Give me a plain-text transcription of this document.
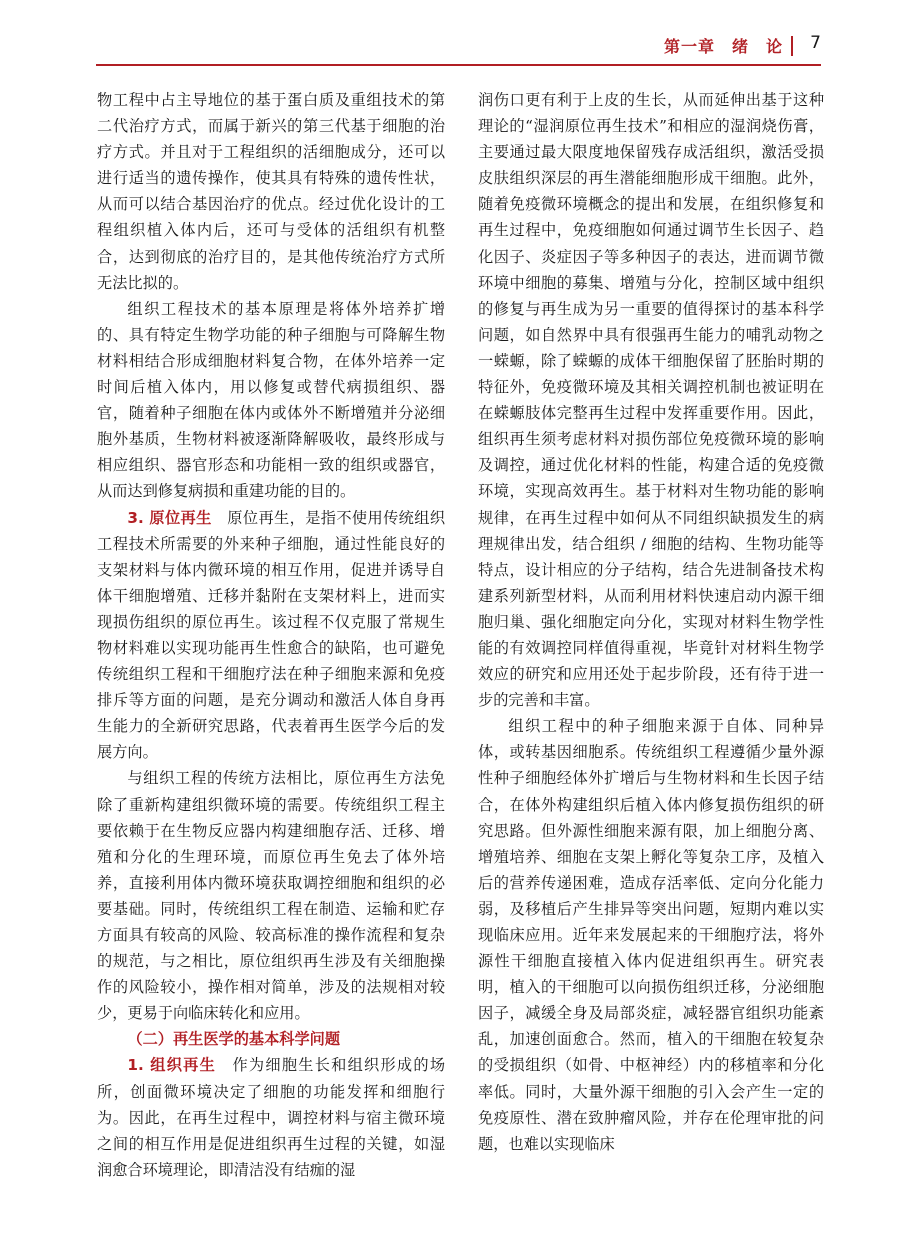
第一章　绪　论 7

物工程中占主导地位的基于蛋白质及重组技术的第二代治疗方式，而属于新兴的第三代基于细胞的治疗方式。并且对于工程组织的活细胞成分，还可以进行适当的遗传操作，使其具有特殊的遗传性状，从而可以结合基因治疗的优点。经过优化设计的工程组织植入体内后，还可与受体的活组织有机整合，达到彻底的治疗目的，是其他传统治疗方式所无法比拟的。

组织工程技术的基本原理是将体外培养扩增的、具有特定生物学功能的种子细胞与可降解生物材料相结合形成细胞材料复合物，在体外培养一定时间后植入体内，用以修复或替代病损组织、器官，随着种子细胞在体内或体外不断增殖并分泌细胞外基质，生物材料被逐渐降解吸收，最终形成与相应组织、器官形态和功能相一致的组织或器官，从而达到修复病损和重建功能的目的。

3. 原位再生　原位再生，是指不使用传统组织工程技术所需要的外来种子细胞，通过性能良好的支架材料与体内微环境的相互作用，促进并诱导自体干细胞增殖、迁移并黏附在支架材料上，进而实现损伤组织的原位再生。该过程不仅克服了常规生物材料难以实现功能再生性愈合的缺陷，也可避免传统组织工程和干细胞疗法在种子细胞来源和免疫排斥等方面的问题，是充分调动和激活人体自身再生能力的全新研究思路，代表着再生医学今后的发展方向。

与组织工程的传统方法相比，原位再生方法免除了重新构建组织微环境的需要。传统组织工程主要依赖于在生物反应器内构建细胞存活、迁移、增殖和分化的生理环境，而原位再生免去了体外培养，直接利用体内微环境获取调控细胞和组织的必要基础。同时，传统组织工程在制造、运输和贮存方面具有较高的风险、较高标准的操作流程和复杂的规范，与之相比，原位组织再生涉及有关细胞操作的风险较小，操作相对简单，涉及的法规相对较少，更易于向临床转化和应用。

（二）再生医学的基本科学问题

1. 组织再生　作为细胞生长和组织形成的场所，创面微环境决定了细胞的功能发挥和细胞行为。因此，在再生过程中，调控材料与宿主微环境之间的相互作用是促进组织再生过程的关键，如湿润愈合环境理论，即清洁没有结痂的湿

润伤口更有利于上皮的生长，从而延伸出基于这种理论的“湿润原位再生技术”和相应的湿润烧伤膏，主要通过最大限度地保留残存成活组织，激活受损皮肤组织深层的再生潜能细胞形成干细胞。此外，随着免疫微环境概念的提出和发展，在组织修复和再生过程中，免疫细胞如何通过调节生长因子、趋化因子、炎症因子等多种因子的表达，进而调节微环境中细胞的募集、增殖与分化，控制区域中组织的修复与再生成为另一重要的值得探讨的基本科学问题，如自然界中具有很强再生能力的哺乳动物之一蝾螈，除了蝾螈的成体干细胞保留了胚胎时期的特征外，免疫微环境及其相关调控机制也被证明在在蝾螈肢体完整再生过程中发挥重要作用。因此，组织再生须考虑材料对损伤部位免疫微环境的影响及调控，通过优化材料的性能，构建合适的免疫微环境，实现高效再生。基于材料对生物功能的影响规律，在再生过程中如何从不同组织缺损发生的病理规律出发，结合组织 / 细胞的结构、生物功能等特点，设计相应的分子结构，结合先进制备技术构建系列新型材料，从而利用材料快速启动内源干细胞归巢、强化细胞定向分化，实现对材料生物学性能的有效调控同样值得重视，毕竟针对材料生物学效应的研究和应用还处于起步阶段，还有待于进一步的完善和丰富。

组织工程中的种子细胞来源于自体、同种异体，或转基因细胞系。传统组织工程遵循少量外源性种子细胞经体外扩增后与生物材料和生长因子结合，在体外构建组织后植入体内修复损伤组织的研究思路。但外源性细胞来源有限，加上细胞分离、增殖培养、细胞在支架上孵化等复杂工序，及植入后的营养传递困难，造成存活率低、定向分化能力弱，及移植后产生排异等突出问题，短期内难以实现临床应用。近年来发展起来的干细胞疗法，将外源性干细胞直接植入体内促进组织再生。研究表明，植入的干细胞可以向损伤组织迁移，分泌细胞因子，减缓全身及局部炎症，减轻器官组织功能紊乱，加速创面愈合。然而，植入的干细胞在较复杂的受损组织（如骨、中枢神经）内的移植率和分化率低。同时，大量外源干细胞的引入会产生一定的免疫原性、潜在致肿瘤风险，并存在伦理审批的问题，也难以实现临床
